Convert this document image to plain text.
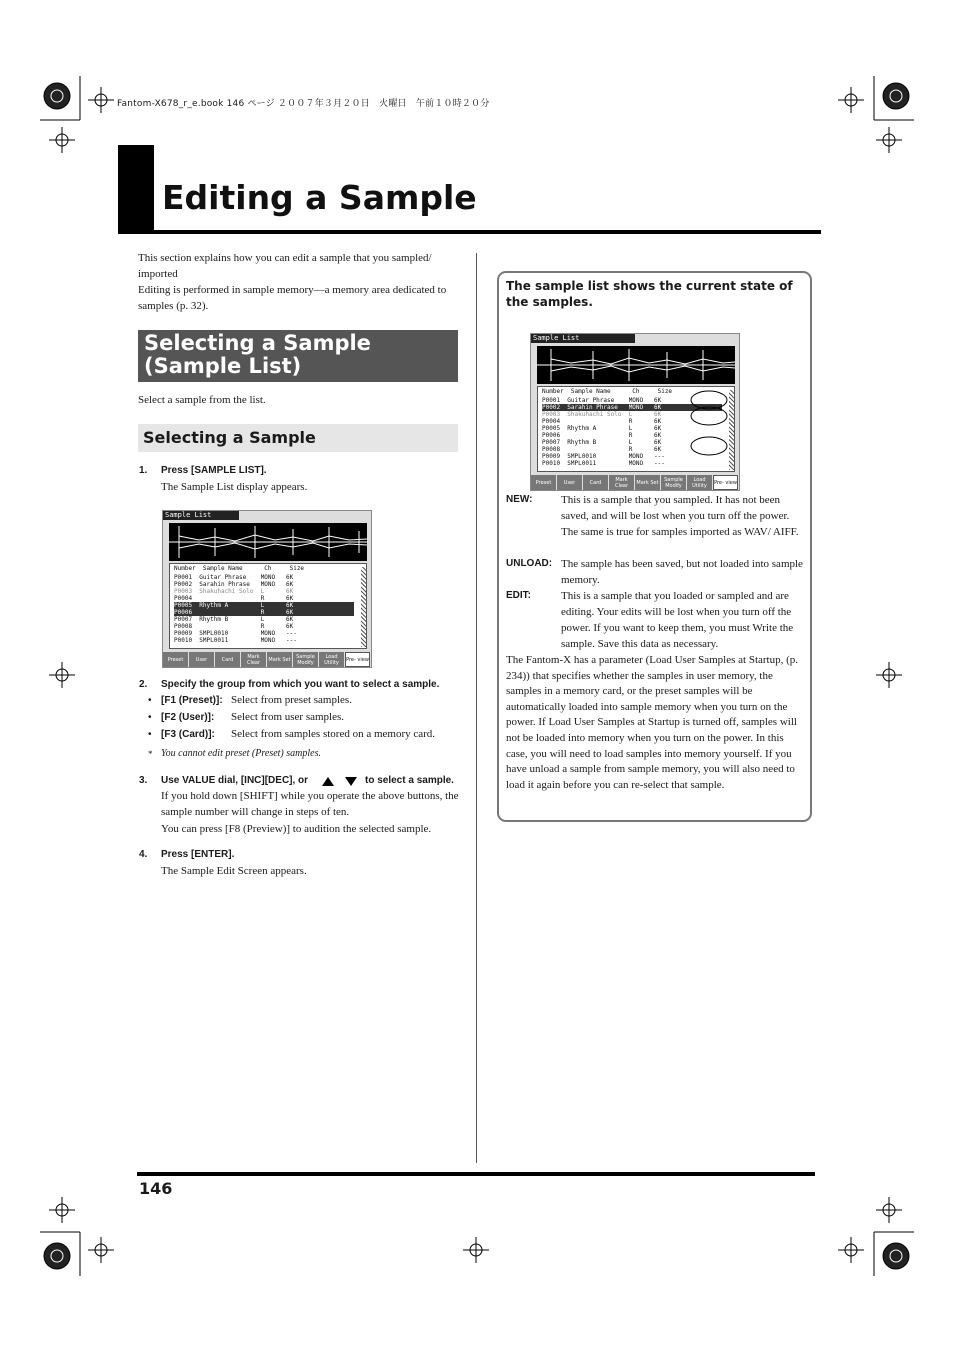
Fantom-X678_r_e.book 146 ページ ２００７年３月２０日　火曜日　午前１０時２０分
Editing a Sample

This section explains how you can edit a sample that you sampled/ imported

Editing is performed in sample memory—a memory area dedicated to samples (p. 32).

Selecting a Sample (Sample List)

Select a sample from the list.

Selecting a Sample
1. Press [SAMPLE LIST].

The Sample List display appears.

Sample List
Number  Sample Name      Ch     Size
P0001  Guitar Phrase    MONO   6K
P0002  Sarahin Phrase   MONO   6K
P0003  Shakuhachi Solo  L      6K
P0004                   R      6K
P0005  Rhythm A         L      6K
P0006                   R      6K
P0007  Rhythm B         L      6K
P0008                   R      6K
P0009  SMPL0010         MONO   ---
P0010  SMPL0011         MONO   ---
Preset	User	Card	Mark Clear	Mark Set	Sample Modify
Load Utility	Pre- view
2. Specify the group from which you want to select a sample.
• [F1 (Preset)]: Select from preset samples.
• [F2 (User)]: Select from user samples.
• [F3 (Card)]: Select from samples stored on a memory card.
* You cannot edit preset (Preset) samples.
3. Use VALUE dial, [INC][DEC], or	to select a sample.

If you hold down [SHIFT] while you operate the above buttons, the sample number will change in steps of ten.

You can press [F8 (Preview)] to audition the selected sample.

4. Press [ENTER].

The Sample Edit Screen appears.

The sample list shows the current state of the samples.

Sample List
Number  Sample Name      Ch     Size
P0001  Guitar Phrase    MONO   6K
P0002  Sarahin Phrase   MONO   6K
P0003  Shakuhachi Solo  L      6K
P0004                   R      6K
P0005  Rhythm A         L      6K
P0006                   R      6K
P0007  Rhythm B         L      6K
P0008                   R      6K
P0009  SMPL0010         MONO   ---
P0010  SMPL0011         MONO   ---
Preset	User	Card	Mark Clear	Mark Set	Sample Modify
Load Utility	Pre- view
NEW:	This is a sample that you sampled. It has not been saved, and will be lost when you turn off the power. The same is true for samples imported as WAV/ AIFF.

UNLOAD: The sample has been saved, but not loaded into sample memory.

EDIT:	This is a sample that you loaded or sampled and are editing. Your edits will be lost when you turn off the power. If you want to keep them, you must Write the sample. Save this data as necessary.

The Fantom-X has a parameter (Load User Samples at Startup, (p. 234)) that specifies whether the samples in user memory, the samples in a memory card, or the preset samples will be automatically loaded into sample memory when you turn on the power. If Load User Samples at Startup is turned off, samples will not be loaded into memory when you turn on the power. In this case, you will need to load samples into memory yourself. If you have unload a sample from sample memory, you will also need to load it again before you can re-select that sample.

146
